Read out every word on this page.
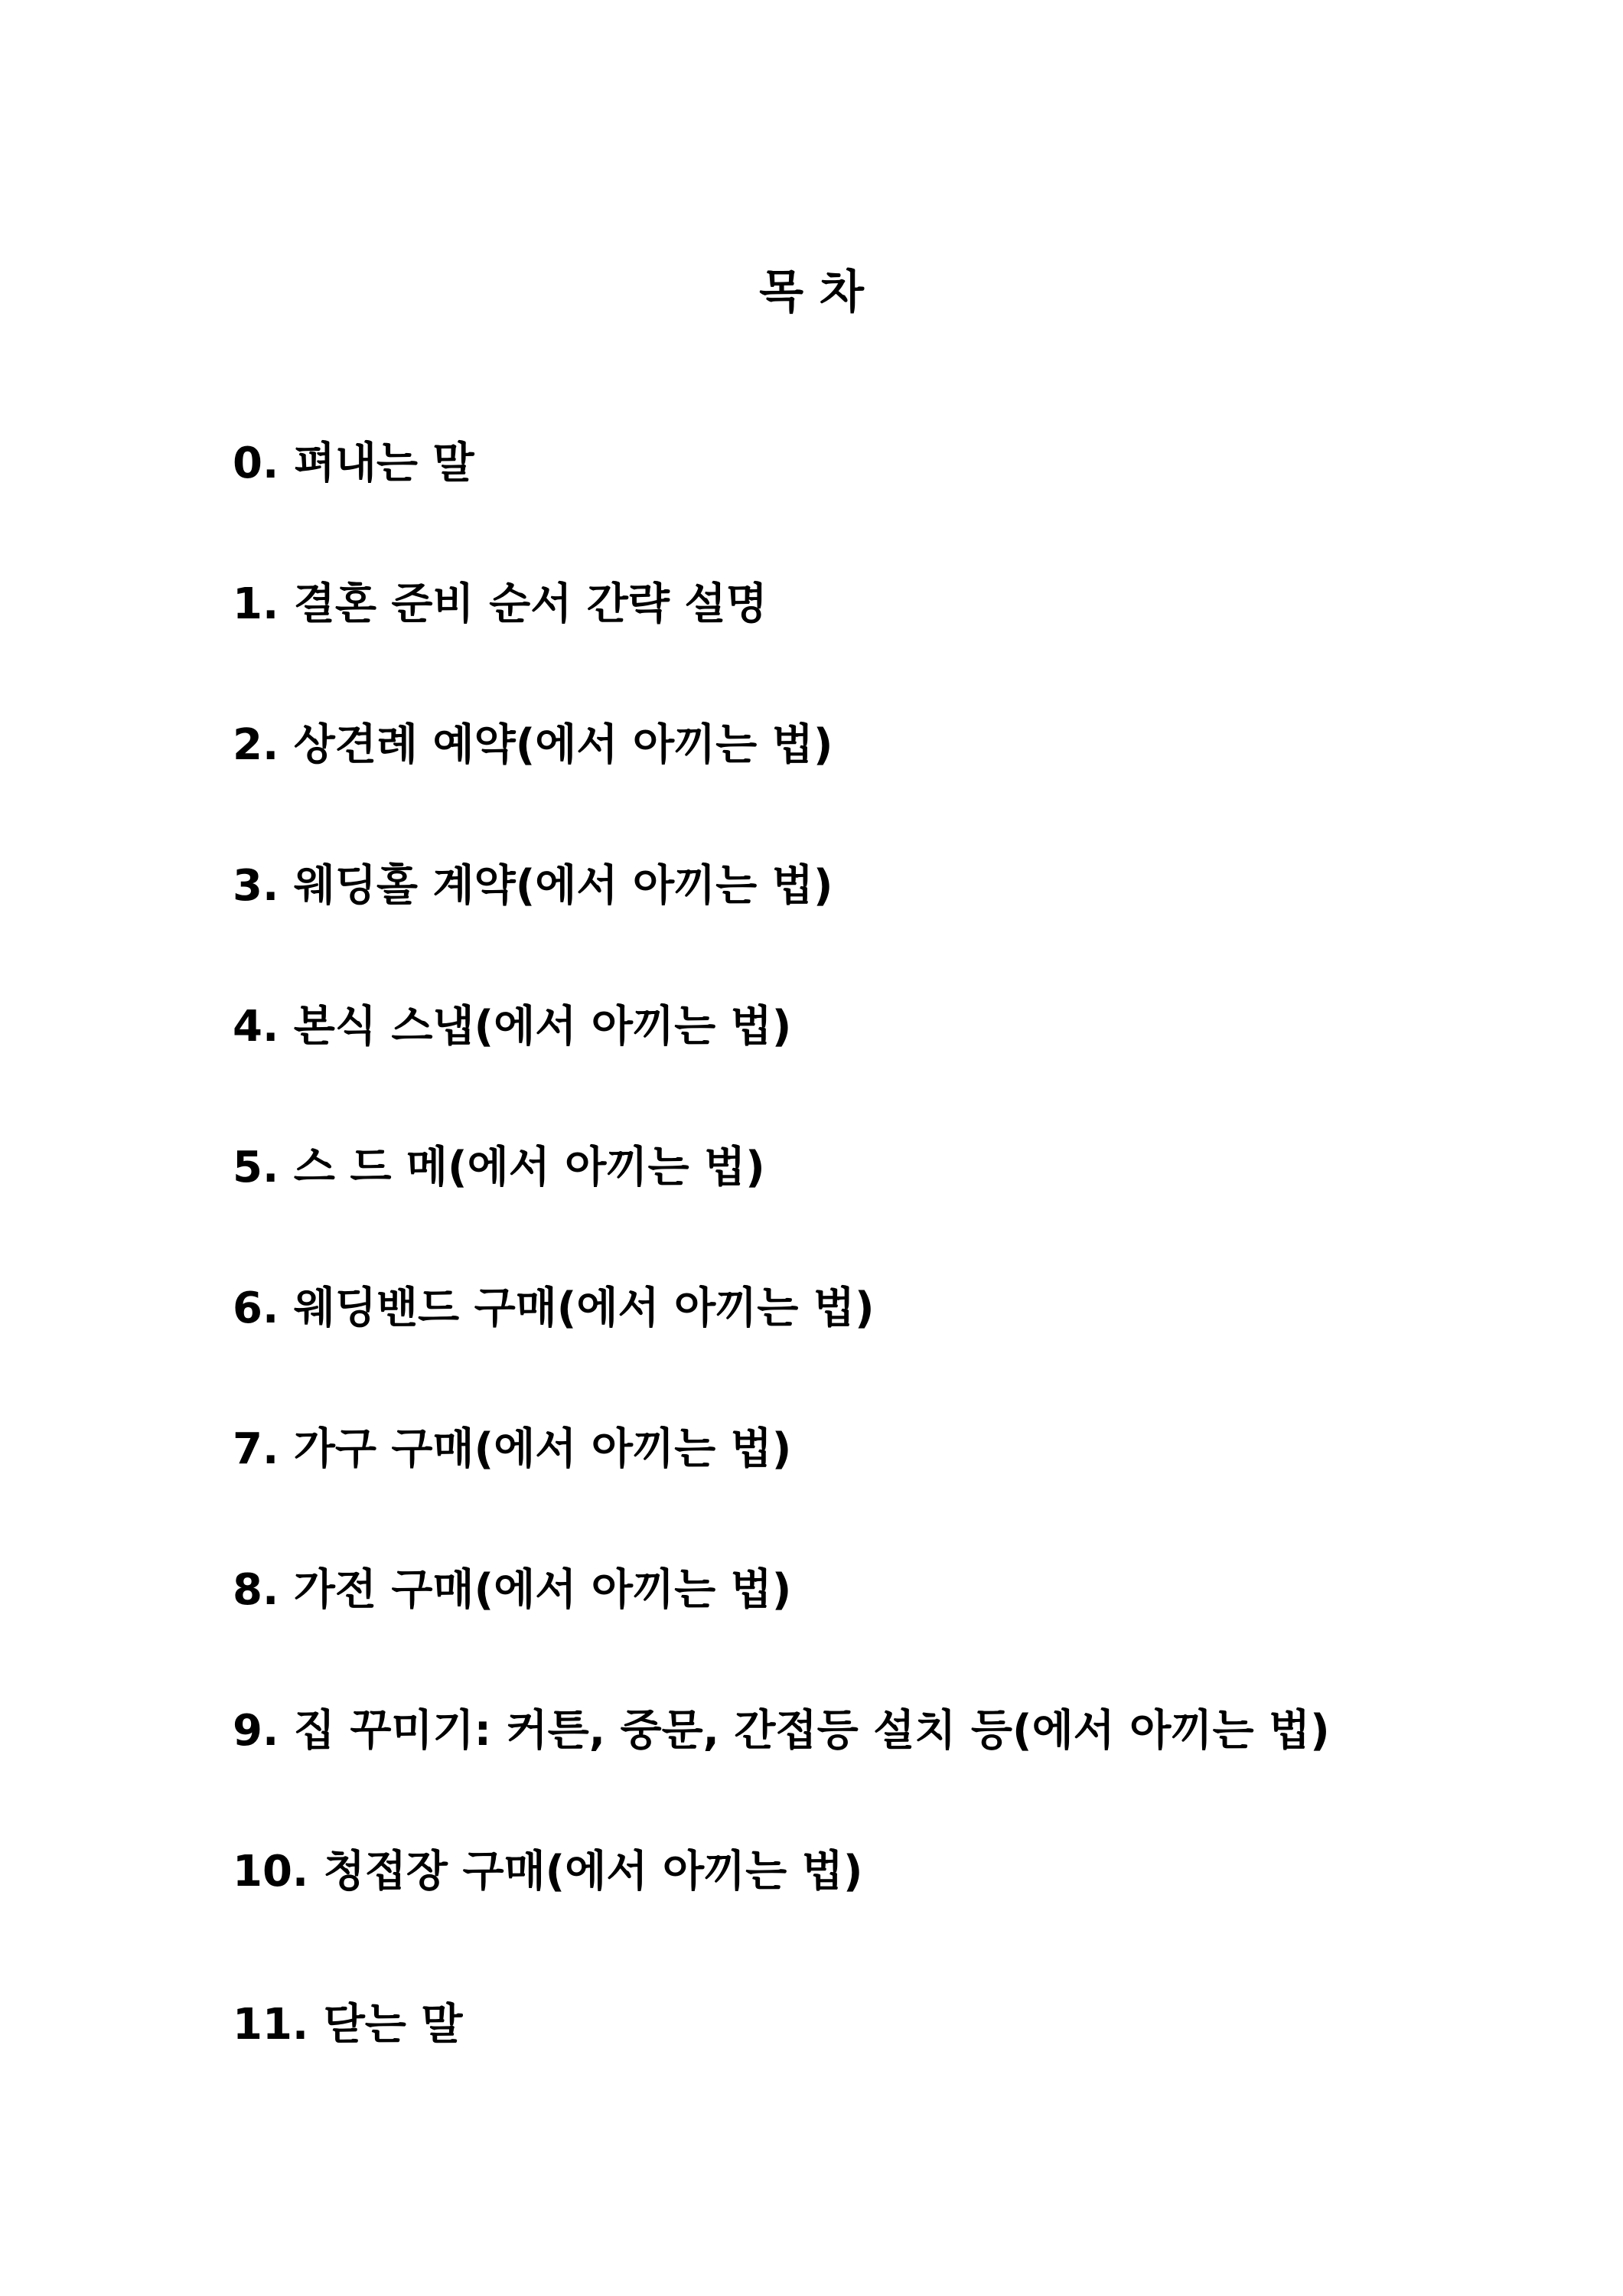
목 차
0. 펴내는 말
1. 결혼 준비 순서 간략 설명
2. 상견례 예약(에서 아끼는 법)
3. 웨딩홀 계약(에서 아끼는 법)
4. 본식 스냅(에서 아끼는 법)
5. 스 드 메(에서 아끼는 법)
6. 웨딩밴드 구매(에서 아끼는 법)
7. 가구 구매(에서 아끼는 법)
8. 가전 구매(에서 아끼는 법)
9. 집 꾸미기: 커튼, 중문, 간접등 설치 등(에서 아끼는 법)
10. 청접장 구매(에서 아끼는 법)
11. 닫는 말
